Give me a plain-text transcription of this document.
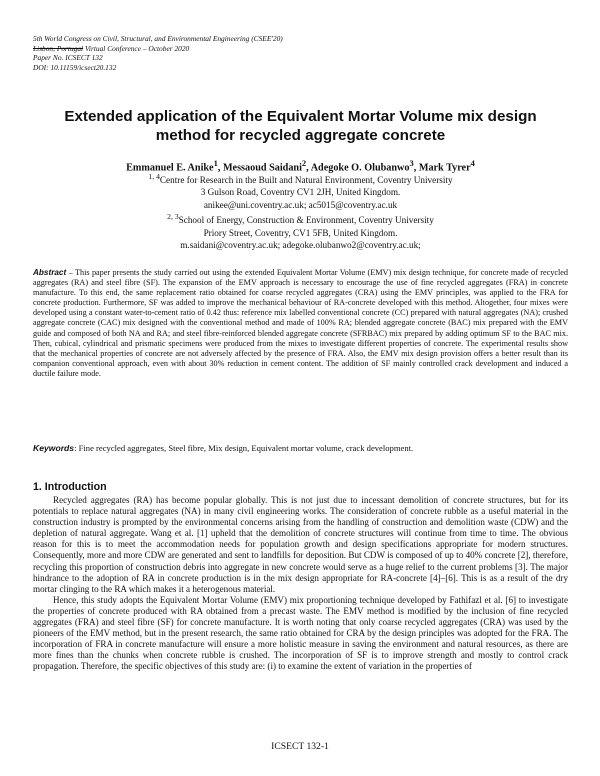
5th World Congress on Civil, Structural, and Environmental Engineering (CSEE'20)
Lisbon, Portugal Virtual Conference – October 2020
Paper No. ICSECT 132
DOI: 10.11159/icsect20.132
Extended application of the Equivalent Mortar Volume mix design
method for recycled aggregate concrete
Emmanuel E. Anike$^1$, Messaoud Saidani$^2$, Adegoke O. Olubanwo$^3$, Mark Tyrer$^4$
$^{1, 4}$Centre for Research in the Built and Natural Environment, Coventry University
3 Gulson Road, Coventry CV1 2JH, United Kingdom.
anikee@uni.coventry.ac.uk; ac5015@coventry.ac.uk
$^{2, 3}$School of Energy, Construction & Environment, Coventry University
Priory Street, Coventry, CV1 5FB, United Kingdom.
m.saidani@coventry.ac.uk; adegoke.olubanwo2@coventry.ac.uk;
Abstract – This paper presents the study carried out using the extended Equivalent Mortar Volume (EMV) mix design technique, for concrete made of recycled aggregates (RA) and steel fibre (SF). The expansion of the EMV approach is necessary to encourage the use of fine recycled aggregates (FRA) in concrete manufacture. To this end, the same replacement ratio obtained for coarse recycled aggregates (CRA) using the EMV principles, was applied to the FRA for concrete production. Furthermore, SF was added to improve the mechanical behaviour of RA-concrete developed with this method. Altogether, four mixes were developed using a constant water-to-cement ratio of 0.42 thus: reference mix labelled conventional concrete (CC) prepared with natural aggregates (NA); crushed aggregate concrete (CAC) mix designed with the conventional method and made of 100% RA; blended aggregate concrete (BAC) mix prepared with the EMV guide and composed of both NA and RA; and steel fibre-reinforced blended aggregate concrete (SFRBAC) mix prepared by adding optimum SF to the BAC mix. Then, cubical, cylindrical and prismatic specimens were produced from the mixes to investigate different properties of concrete. The experimental results show that the mechanical properties of concrete are not adversely affected by the presence of FRA. Also, the EMV mix design provision offers a better result than its companion conventional approach, even with about 30% reduction in cement content. The addition of SF mainly controlled crack development and induced a ductile failure mode.
Keywords: Fine recycled aggregates, Steel fibre, Mix design, Equivalent mortar volume, crack development.
1. Introduction

Recycled aggregates (RA) has become popular globally. This is not just due to incessant demolition of concrete structures, but for its potentials to replace natural aggregates (NA) in many civil engineering works. The consideration of concrete rubble as a useful material in the construction industry is prompted by the environmental concerns arising from the handling of construction and demolition waste (CDW) and the depletion of natural aggregate. Wang et al. [1] upheld that the demolition of concrete structures will continue from time to time. The obvious reason for this is to meet the accommodation needs for population growth and design specifications appropriate for modern structures. Consequently, more and more CDW are generated and sent to landfills for deposition. But CDW is composed of up to 40% concrete [2], therefore, recycling this proportion of construction debris into aggregate in new concrete would serve as a huge relief to the current problems [3]. The major hindrance to the adoption of RA in concrete production is in the mix design appropriate for RA-concrete [4]–[6]. This is as a result of the dry mortar clinging to the RA which makes it a heterogenous material.

Hence, this study adopts the Equivalent Mortar Volume (EMV) mix proportioning technique developed by Fathifazl et al. [6] to investigate the properties of concrete produced with RA obtained from a precast waste. The EMV method is modified by the inclusion of fine recycled aggregates (FRA) and steel fibre (SF) for concrete manufacture. It is worth noting that only coarse recycled aggregates (CRA) was used by the pioneers of the EMV method, but in the present research, the same ratio obtained for CRA by the design principles was adopted for the FRA. The incorporation of FRA in concrete manufacture will ensure a more holistic measure in saving the environment and natural resources, as there are more fines than the chunks when concrete rubble is crushed. The incorporation of SF is to improve strength and mostly to control crack propagation. Therefore, the specific objectives of this study are: (i) to examine the extent of variation in the properties of

ICSECT 132-1
